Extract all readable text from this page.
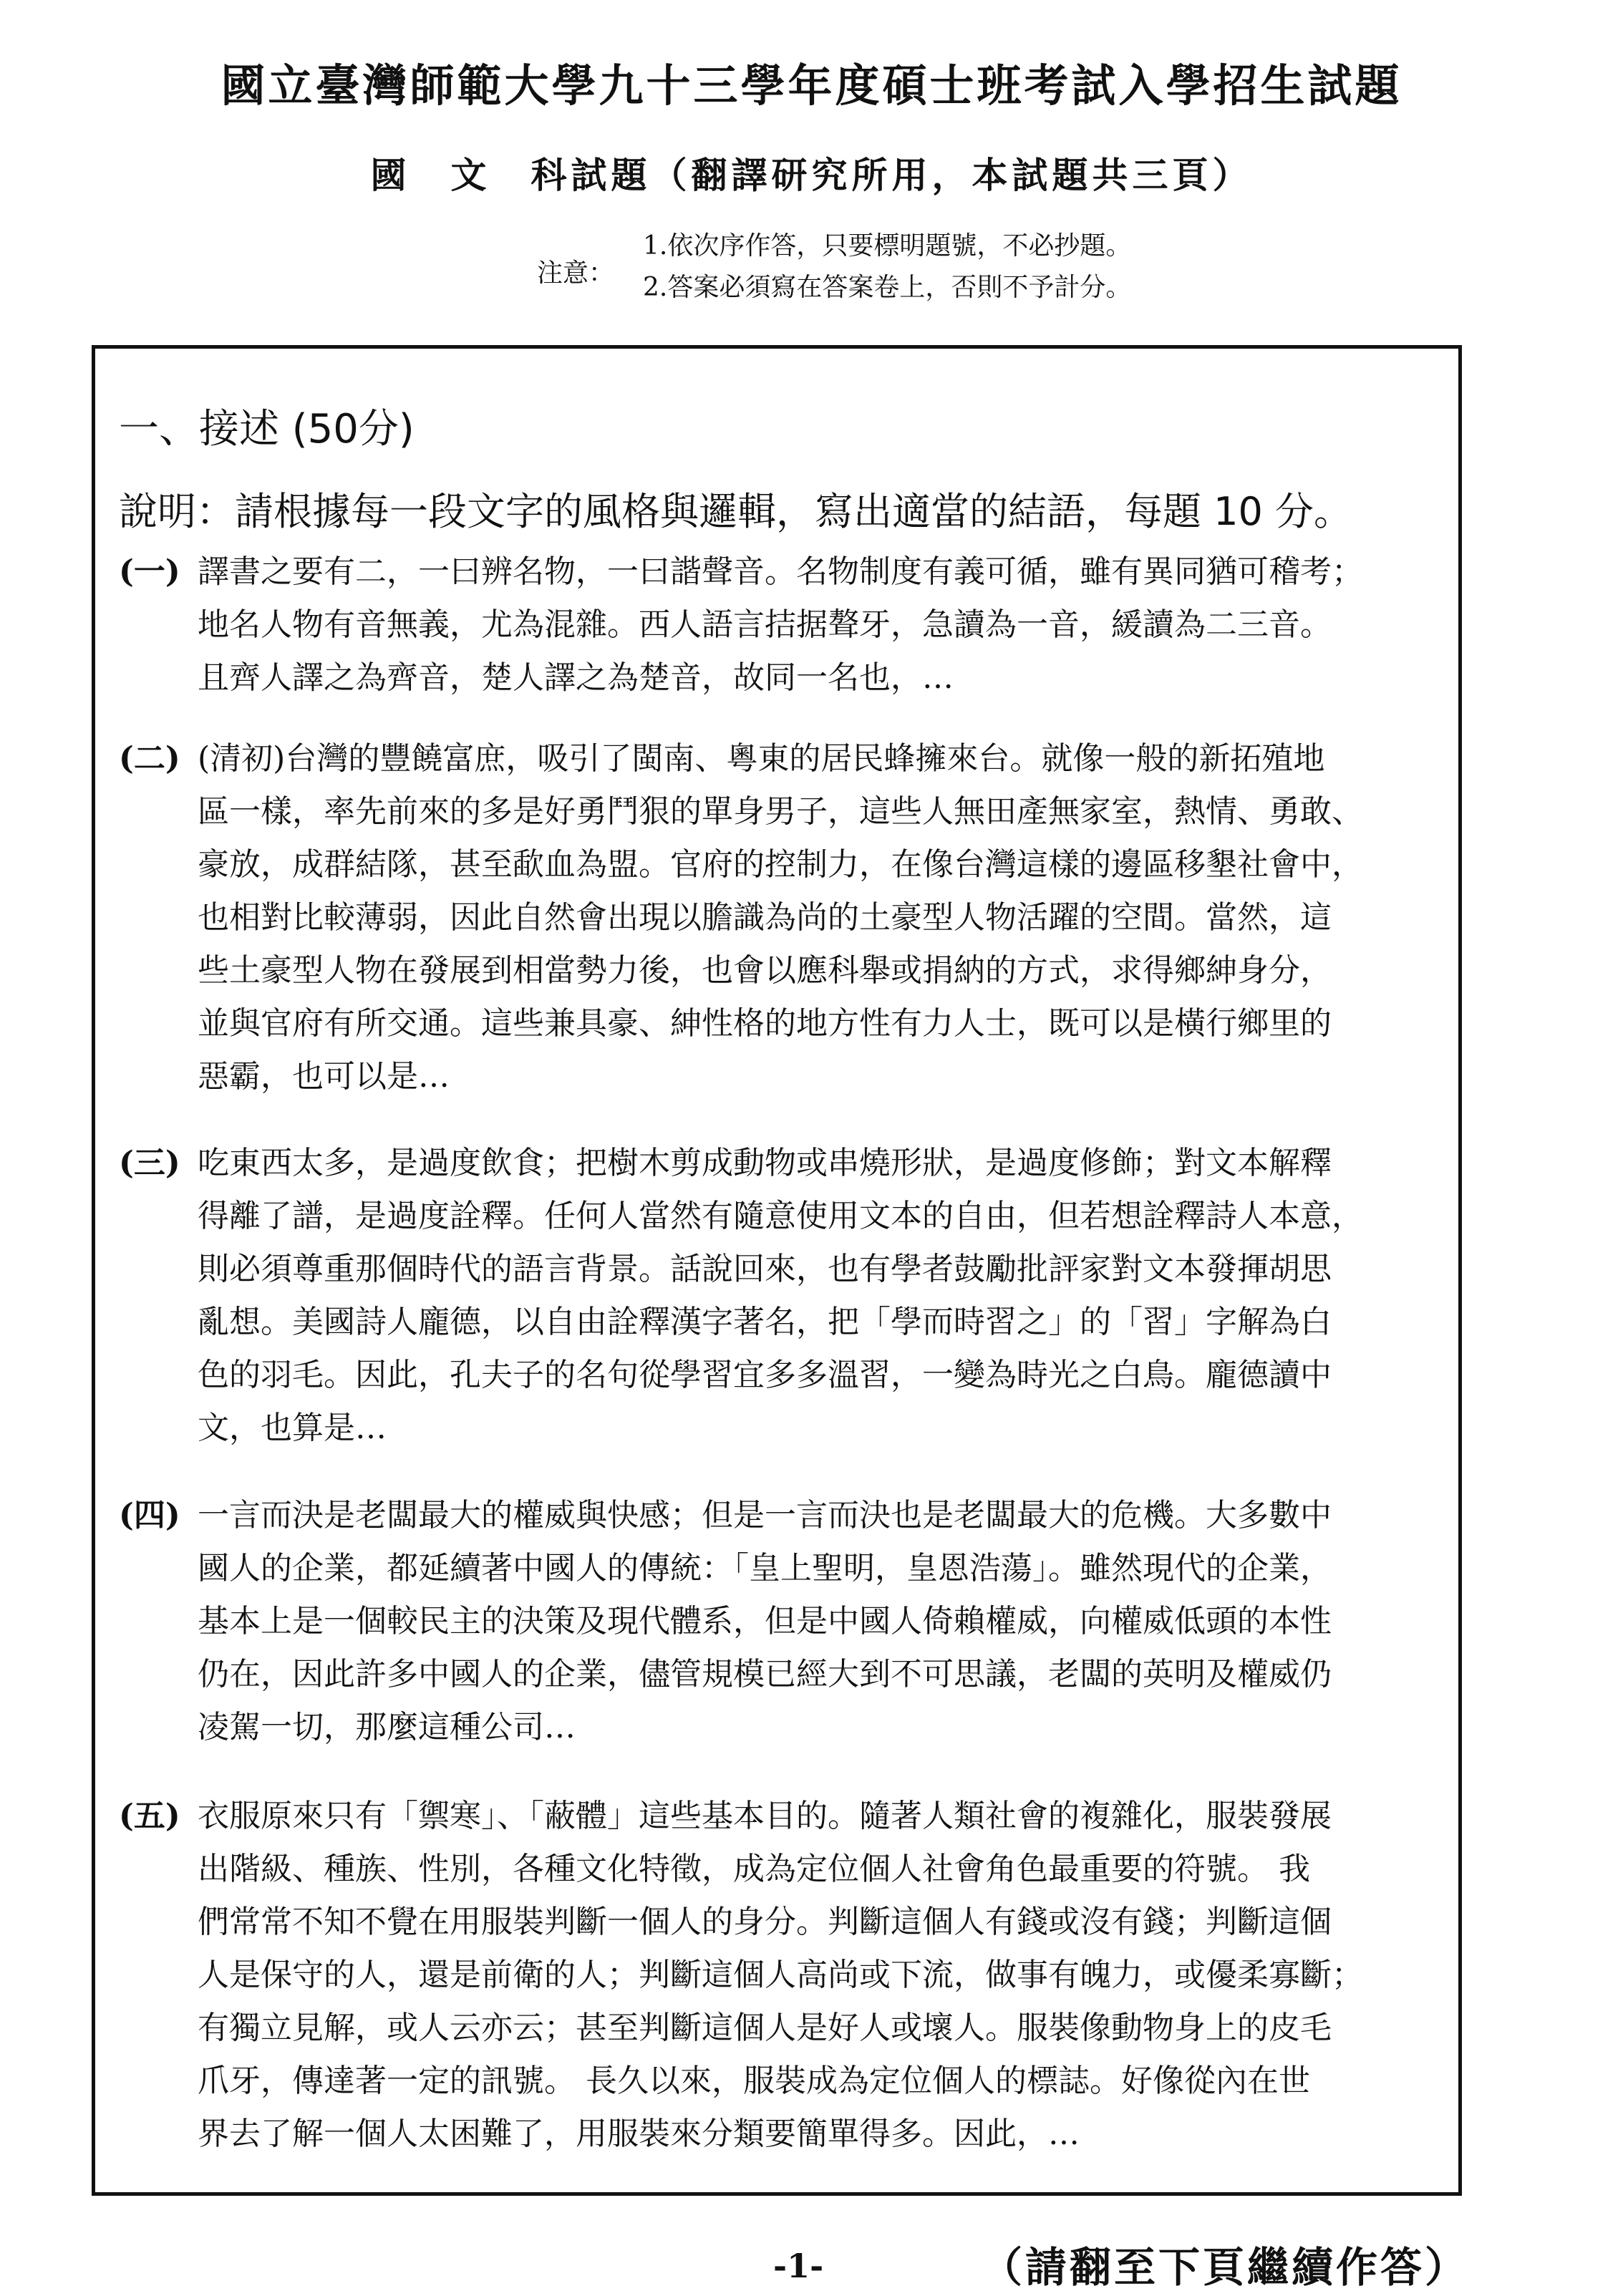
國立臺灣師範大學九十三學年度碩士班考試入學招生試題
國　文　科試題（翻譯研究所用，本試題共三頁）
注意：
1.依次序作答，只要標明題號，不必抄題。
2.答案必須寫在答案卷上，否則不予計分。
一、接述 (50分)
說明：請根據每一段文字的風格與邏輯，寫出適當的結語，每題 10 分。
(一) 譯書之要有二，一曰辨名物，一曰諧聲音。名物制度有義可循，雖有異同猶可稽考；
地名人物有音無義，尤為混雜。西人語言拮据聱牙，急讀為一音，緩讀為二三音。
且齊人譯之為齊音，楚人譯之為楚音，故同一名也，…
(二) (清初)台灣的豐饒富庶，吸引了閩南、粵東的居民蜂擁來台。就像一般的新拓殖地
區一樣，率先前來的多是好勇鬥狠的單身男子，這些人無田產無家室，熱情、勇敢、
豪放，成群結隊，甚至歃血為盟。官府的控制力，在像台灣這樣的邊區移墾社會中，
也相對比較薄弱，因此自然會出現以膽識為尚的土豪型人物活躍的空間。當然，這
些土豪型人物在發展到相當勢力後，也會以應科舉或捐納的方式，求得鄉紳身分，
並與官府有所交通。這些兼具豪、紳性格的地方性有力人士，既可以是橫行鄉里的
惡霸，也可以是…
(三) 吃東西太多，是過度飲食；把樹木剪成動物或串燒形狀，是過度修飾；對文本解釋
得離了譜，是過度詮釋。任何人當然有隨意使用文本的自由，但若想詮釋詩人本意，
則必須尊重那個時代的語言背景。話說回來，也有學者鼓勵批評家對文本發揮胡思
亂想。美國詩人龐德，以自由詮釋漢字著名，把「學而時習之」的「習」字解為白
色的羽毛。因此，孔夫子的名句從學習宜多多溫習，一變為時光之白鳥。龐德讀中
文，也算是…
(四) 一言而決是老闆最大的權威與快感；但是一言而決也是老闆最大的危機。大多數中
國人的企業，都延續著中國人的傳統：「皇上聖明，皇恩浩蕩」。雖然現代的企業，
基本上是一個較民主的決策及現代體系，但是中國人倚賴權威，向權威低頭的本性
仍在，因此許多中國人的企業，儘管規模已經大到不可思議，老闆的英明及權威仍
凌駕一切，那麼這種公司…
(五) 衣服原來只有「禦寒」、「蔽體」這些基本目的。隨著人類社會的複雜化，服裝發展
出階級、種族、性別，各種文化特徵，成為定位個人社會角色最重要的符號。 我
們常常不知不覺在用服裝判斷一個人的身分。判斷這個人有錢或沒有錢；判斷這個
人是保守的人，還是前衛的人；判斷這個人高尚或下流，做事有魄力，或優柔寡斷；
有獨立見解，或人云亦云；甚至判斷這個人是好人或壞人。服裝像動物身上的皮毛
爪牙，傳達著一定的訊號。 長久以來，服裝成為定位個人的標誌。好像從內在世
界去了解一個人太困難了，用服裝來分類要簡單得多。因此，…
-1-	（請翻至下頁繼續作答）
